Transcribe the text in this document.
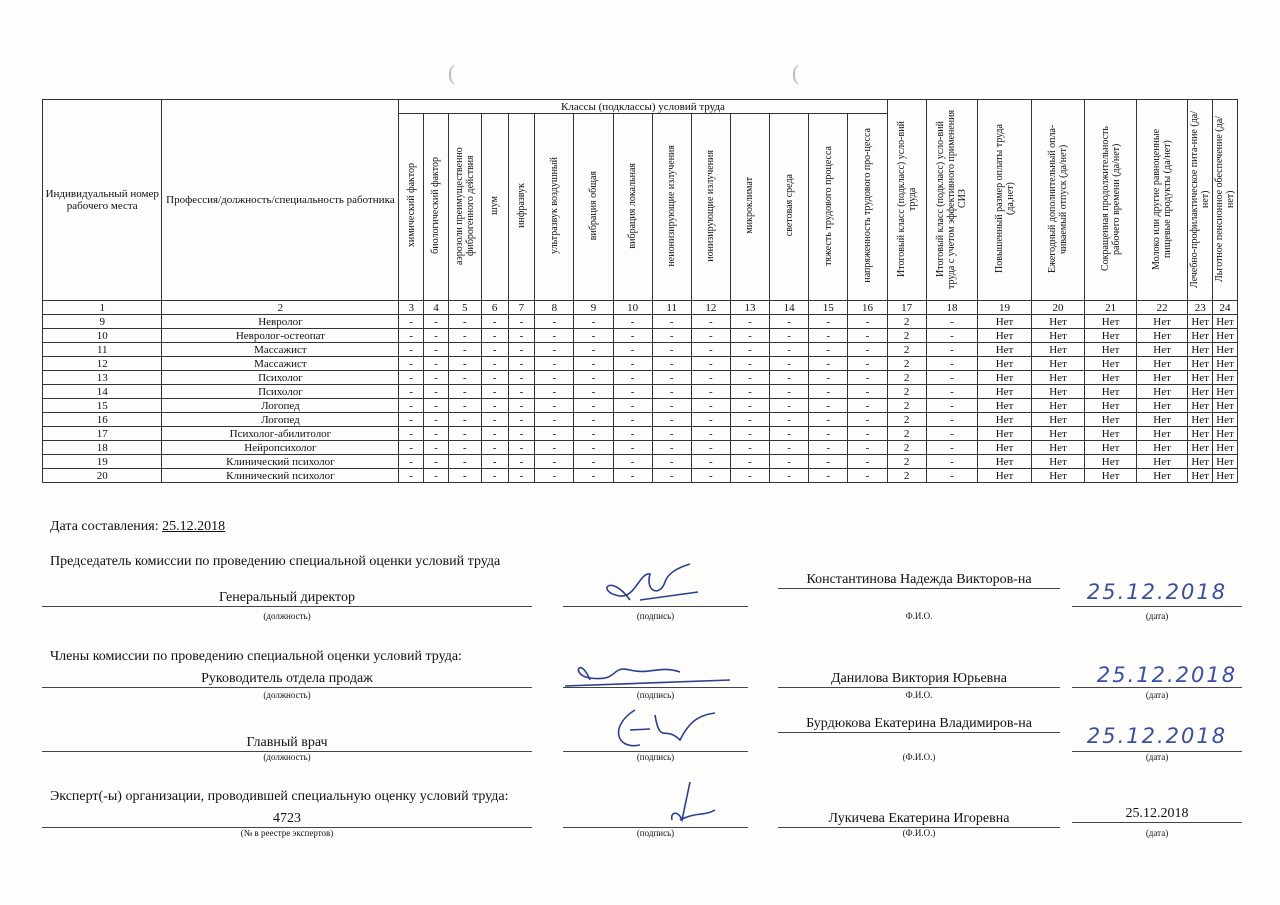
(	(
Индивидуальный номер рабочего места	Профессия/должность/специальность работника	Классы (подклассы) условий труда														Итоговый класс (подкласс) усло-вий труда	Итоговый класс (подкласс) усло-вий труда с учетом эффективного применения СИЗ	Повышенный размер оплаты труда (да,нет)	Ежегодный дополнительный опла-чиваемый отпуск (да/нет)	Сокращенная продолжительность рабочего времени (да/нет)	Молоко или другие равноценные пищевые продукты (да/нет)	Лечебно-профилактическое пита-ние (да/нет)	Льготное пенсионное обеспечение (да/нет)
		химический фактор	биологический фактор	аэрозоли преимущественно фиброгенного действия	шум	инфразвук	ультразвук воздушный	вибрация общая	вибрация локальная	неионизирующие излучения	ионизирующие излучения	микроклимат	световая среда	тяжесть трудового процесса	напряженность трудового про-цесса								
1	2	3	4	5	6	7	8	9	10	11	12	13	14	15	16	17	18	19	20	21	22	23	24
9	Невролог	-	-	-	-	-	-	-	-	-	-	-	-	-	-	2	-	Нет	Нет	Нет	Нет	Нет	Нет
10	Невролог-остеопат	-	-	-	-	-	-	-	-	-	-	-	-	-	-	2	-	Нет	Нет	Нет	Нет	Нет	Нет
11	Массажист	-	-	-	-	-	-	-	-	-	-	-	-	-	-	2	-	Нет	Нет	Нет	Нет	Нет	Нет
12	Массажист	-	-	-	-	-	-	-	-	-	-	-	-	-	-	2	-	Нет	Нет	Нет	Нет	Нет	Нет
13	Психолог	-	-	-	-	-	-	-	-	-	-	-	-	-	-	2	-	Нет	Нет	Нет	Нет	Нет	Нет
14	Психолог	-	-	-	-	-	-	-	-	-	-	-	-	-	-	2	-	Нет	Нет	Нет	Нет	Нет	Нет
15	Логопед	-	-	-	-	-	-	-	-	-	-	-	-	-	-	2	-	Нет	Нет	Нет	Нет	Нет	Нет
16	Логопед	-	-	-	-	-	-	-	-	-	-	-	-	-	-	2	-	Нет	Нет	Нет	Нет	Нет	Нет
17	Психолог-абилитолог	-	-	-	-	-	-	-	-	-	-	-	-	-	-	2	-	Нет	Нет	Нет	Нет	Нет	Нет
18	Нейропсихолог	-	-	-	-	-	-	-	-	-	-	-	-	-	-	2	-	Нет	Нет	Нет	Нет	Нет	Нет
19	Клинический психолог	-	-	-	-	-	-	-	-	-	-	-	-	-	-	2	-	Нет	Нет	Нет	Нет	Нет	Нет
20	Клинический психолог	-	-	-	-	-	-	-	-	-	-	-	-	-	-	2	-	Нет	Нет	Нет	Нет	Нет	Нет
Дата составления: 25.12.2018
Председатель комиссии по проведению специальной оценки условий труда
Генеральный директор
(должность)	(подпись)
Константинова Надежда Викторов-на
Ф.И.О.
25.12.2018
(дата)
Члены комиссии по проведению специальной оценки условий труда:
Руководитель отдела продаж
(должность)	(подпись)
Данилова Виктория Юрьевна
Ф.И.О.
25.12.2018
(дата)
Главный врач
(должность)	(подпись)
Бурдюкова Екатерина Владимиров-на
(Ф.И.О.)
25.12.2018
(дата)
Эксперт(-ы) организации, проводившей специальную оценку условий труда:
4723
(№ в реестре экспертов)	(подпись)
Лукичева Екатерина Игоревна
(Ф.И.О.)
25.12.2018
(дата)
